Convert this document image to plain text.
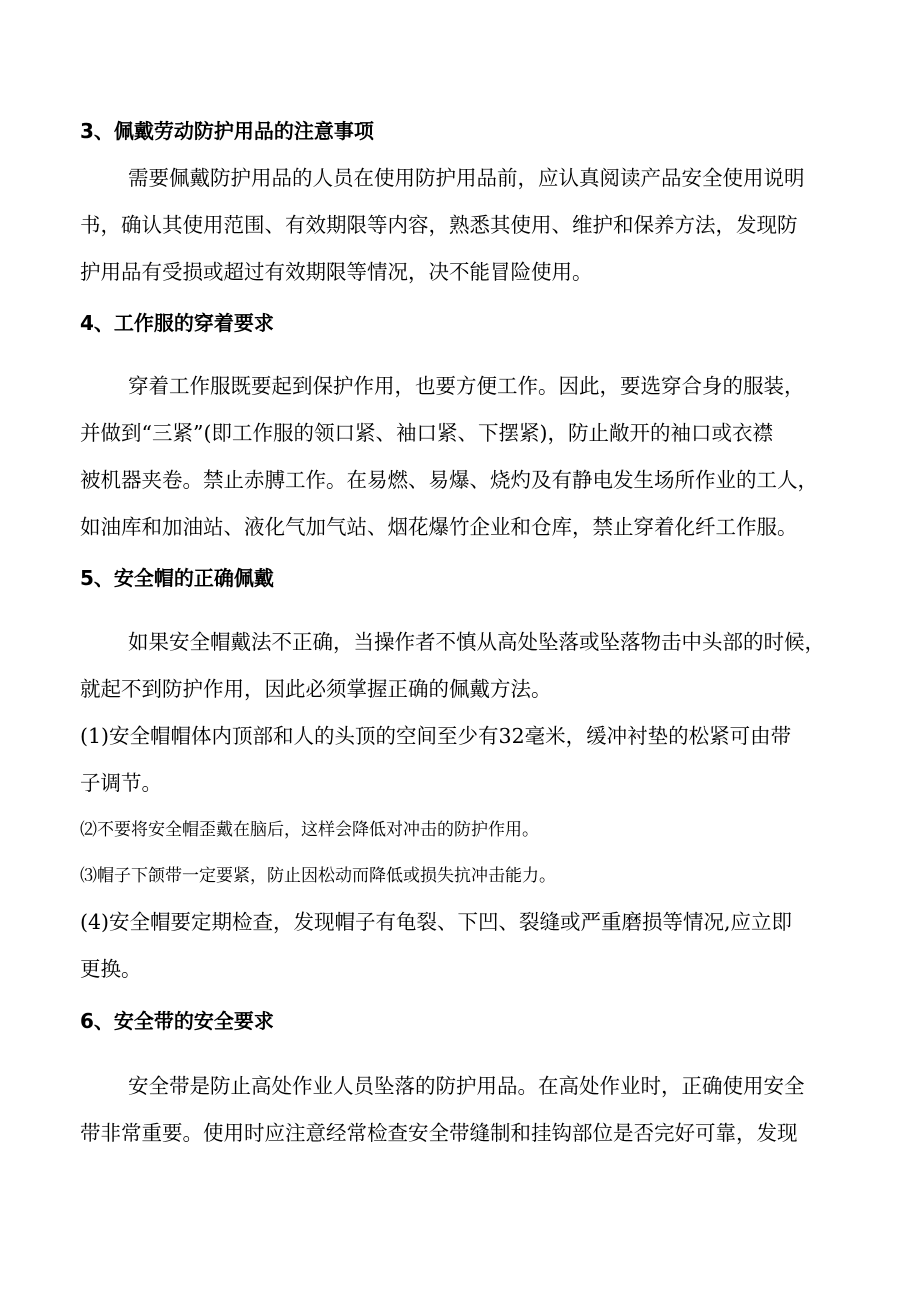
3、佩戴劳动防护用品的注意事项
需要佩戴防护用品的人员在使用防护用品前，应认真阅读产品安全使用说明
书，确认其使用范围、有效期限等内容，熟悉其使用、维护和保养方法，发现防
护用品有受损或超过有效期限等情况，决不能冒险使用。
4、工作服的穿着要求
穿着工作服既要起到保护作用，也要方便工作。因此，要选穿合身的服装，
并做到“三紧”(即工作服的领口紧、袖口紧、下摆紧)，防止敞开的袖口或衣襟
被机器夹卷。禁止赤膊工作。在易燃、易爆、烧灼及有静电发生场所作业的工人，
如油库和加油站、液化气加气站、烟花爆竹企业和仓库，禁止穿着化纤工作服。
5、安全帽的正确佩戴
如果安全帽戴法不正确，当操作者不慎从高处坠落或坠落物击中头部的时候，
就起不到防护作用，因此必须掌握正确的佩戴方法。
(1)安全帽帽体内顶部和人的头顶的空间至少有32毫米，缓冲衬垫的松紧可由带
子调节。
⑵不要将安全帽歪戴在脑后，这样会降低对冲击的防护作用。
⑶帽子下颌带一定要紧，防止因松动而降低或损失抗冲击能力。
(4)安全帽要定期检查，发现帽子有龟裂、下凹、裂缝或严重磨损等情况,应立即
更换。
6、安全带的安全要求
安全带是防止高处作业人员坠落的防护用品。在高处作业时，正确使用安全
带非常重要。使用时应注意经常检查安全带缝制和挂钩部位是否完好可靠，发现
